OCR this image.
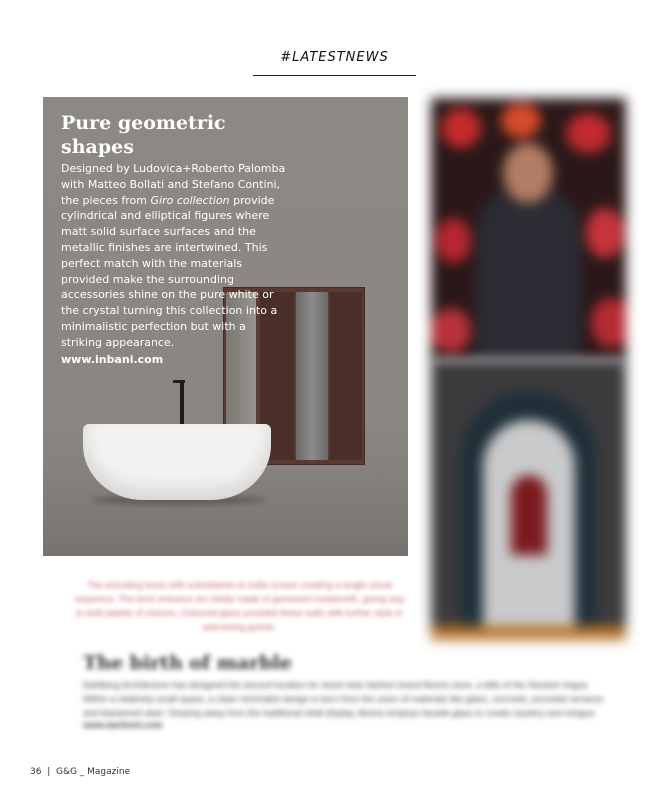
#LATESTNEWS
Pure geometric shapes

Designed by Ludovica+Roberto Palomba with Matteo Bollati and Stefano Contini, the pieces from Giro collection provide cylindrical and elliptical figures where matt solid surface surfaces and the metallic finishes are intertwined. This perfect match with the materials provided make the surrounding accessories shine on the pure white or the crystal turning this collection into a minimalistic perfection but with a striking appearance.

www.inbani.com

The extruding brass with subsidiaries to trellis screen creating a single visual sequence. The brick entrance are totally made of garnished metalsmith, giving way to bold palette of choices. Coloured glass provided these walls with further style to welcoming guests.

The birth of marble

Dahlberg Architecture has designed the second location for street wise fashion brand Bsorts store, a little of the Stockist Vogue. Within a relatively small space, a clean minimalist design is born from the union of materials like glass, concrete, porcelain terrazzo and blackened steel. Straying away from the traditional retail display, Bsorts employs facade glass to create mystery and intrigue.

www.dartiomi.com
36 | G&G _ Magazine
